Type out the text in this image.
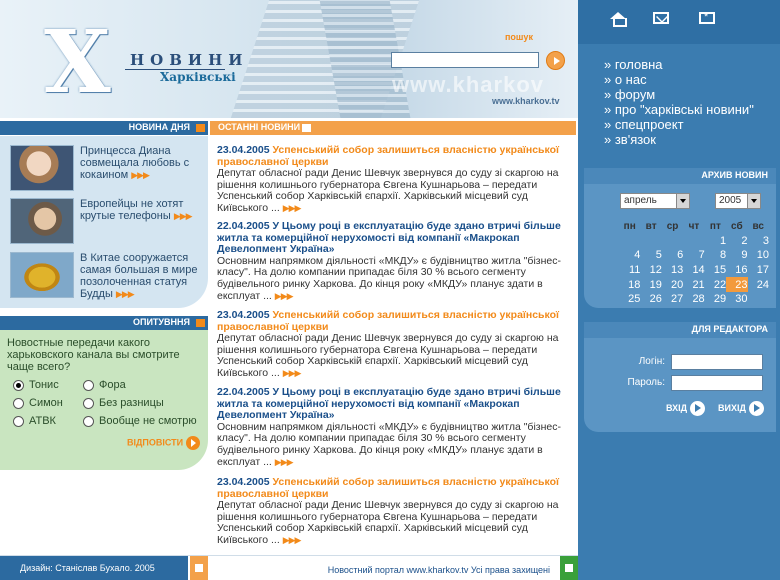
X НОВИНИ
Харківські	www.kharkov
пошук
www.kharkov.tv
*
» головна
» о нас
» форум
» про "харківські новини"
» спецпроект
» зв'язок
АРХИВ НОВИН
апрель	2005
пн	вт	ср	чт	пт	сб	вс
				1	2	3
4	5	6	7	8	9	10
11	12	13	14	15	16	17
18	19	20	21	22	23	24
25	26	27	28	29	30	
ДЛЯ РЕДАКТОРА
Логін:
Пароль:
ВХІД	ВИХІД
НОВИНА ДНЯ
Принцесса Диана совмещала любовь с кокаином ▶▶▶
Европейцы не хотят крутые телефоны ▶▶▶
В Китае сооружается самая большая в мире позолоченная статуя Будды ▶▶▶
ОПИТУВННЯ
Новостные передачи какого харьковского канала вы смотрите чаще всего?
Тонис	Фора
Симон	Без разницы
АТВК	Вообще не смотрю
ВІДПОВІСТИ
ОСТАННІ НОВИНИ
23.04.2005 Успенськийй собор залишиться власністю української православної церкви
Депутат обласної ради Денис Шевчук звернувся до суду зі скаргою на рішення колишнього губернатора Євгена Кушнарьова – передати Успенський собор Харківській єпархії. Харківський місцевий суд Київського ... ▶▶▶
22.04.2005 У Цьому році в експлуатацію буде здано втричі більше житла та комерційної нерухомості від компанії «Макрокап Девелопмент Україна»
Основним напрямком діяльності «МКДУ» є будівництво житла "бізнес-класу". На долю компании припадає біля 30 % всього сегменту будівельного ринку Харкова. До кінця року «МКДУ» планує здати в експлуат ... ▶▶▶
23.04.2005 Успенськийй собор залишиться власністю української православної церкви
Депутат обласної ради Денис Шевчук звернувся до суду зі скаргою на рішення колишнього губернатора Євгена Кушнарьова – передати Успенський собор Харківській єпархії. Харківський місцевий суд Київського ... ▶▶▶
22.04.2005 У Цьому році в експлуатацію буде здано втричі більше житла та комерційної нерухомості від компанії «Макрокап Девелопмент Україна»
Основним напрямком діяльності «МКДУ» є будівництво житла "бізнес-класу". На долю компании припадає біля 30 % всього сегменту будівельного ринку Харкова. До кінця року «МКДУ» планує здати в експлуат ... ▶▶▶
23.04.2005 Успенськийй собор залишиться власністю української православної церкви
Депутат обласної ради Денис Шевчук звернувся до суду зі скаргою на рішення колишнього губернатора Євгена Кушнарьова – передати Успенський собор Харківській єпархії. Харківський місцевий суд Київського ... ▶▶▶
Дизайн: Станіслав Бухало. 2005	Новостний портал www.kharkov.tv Усі права захищені
